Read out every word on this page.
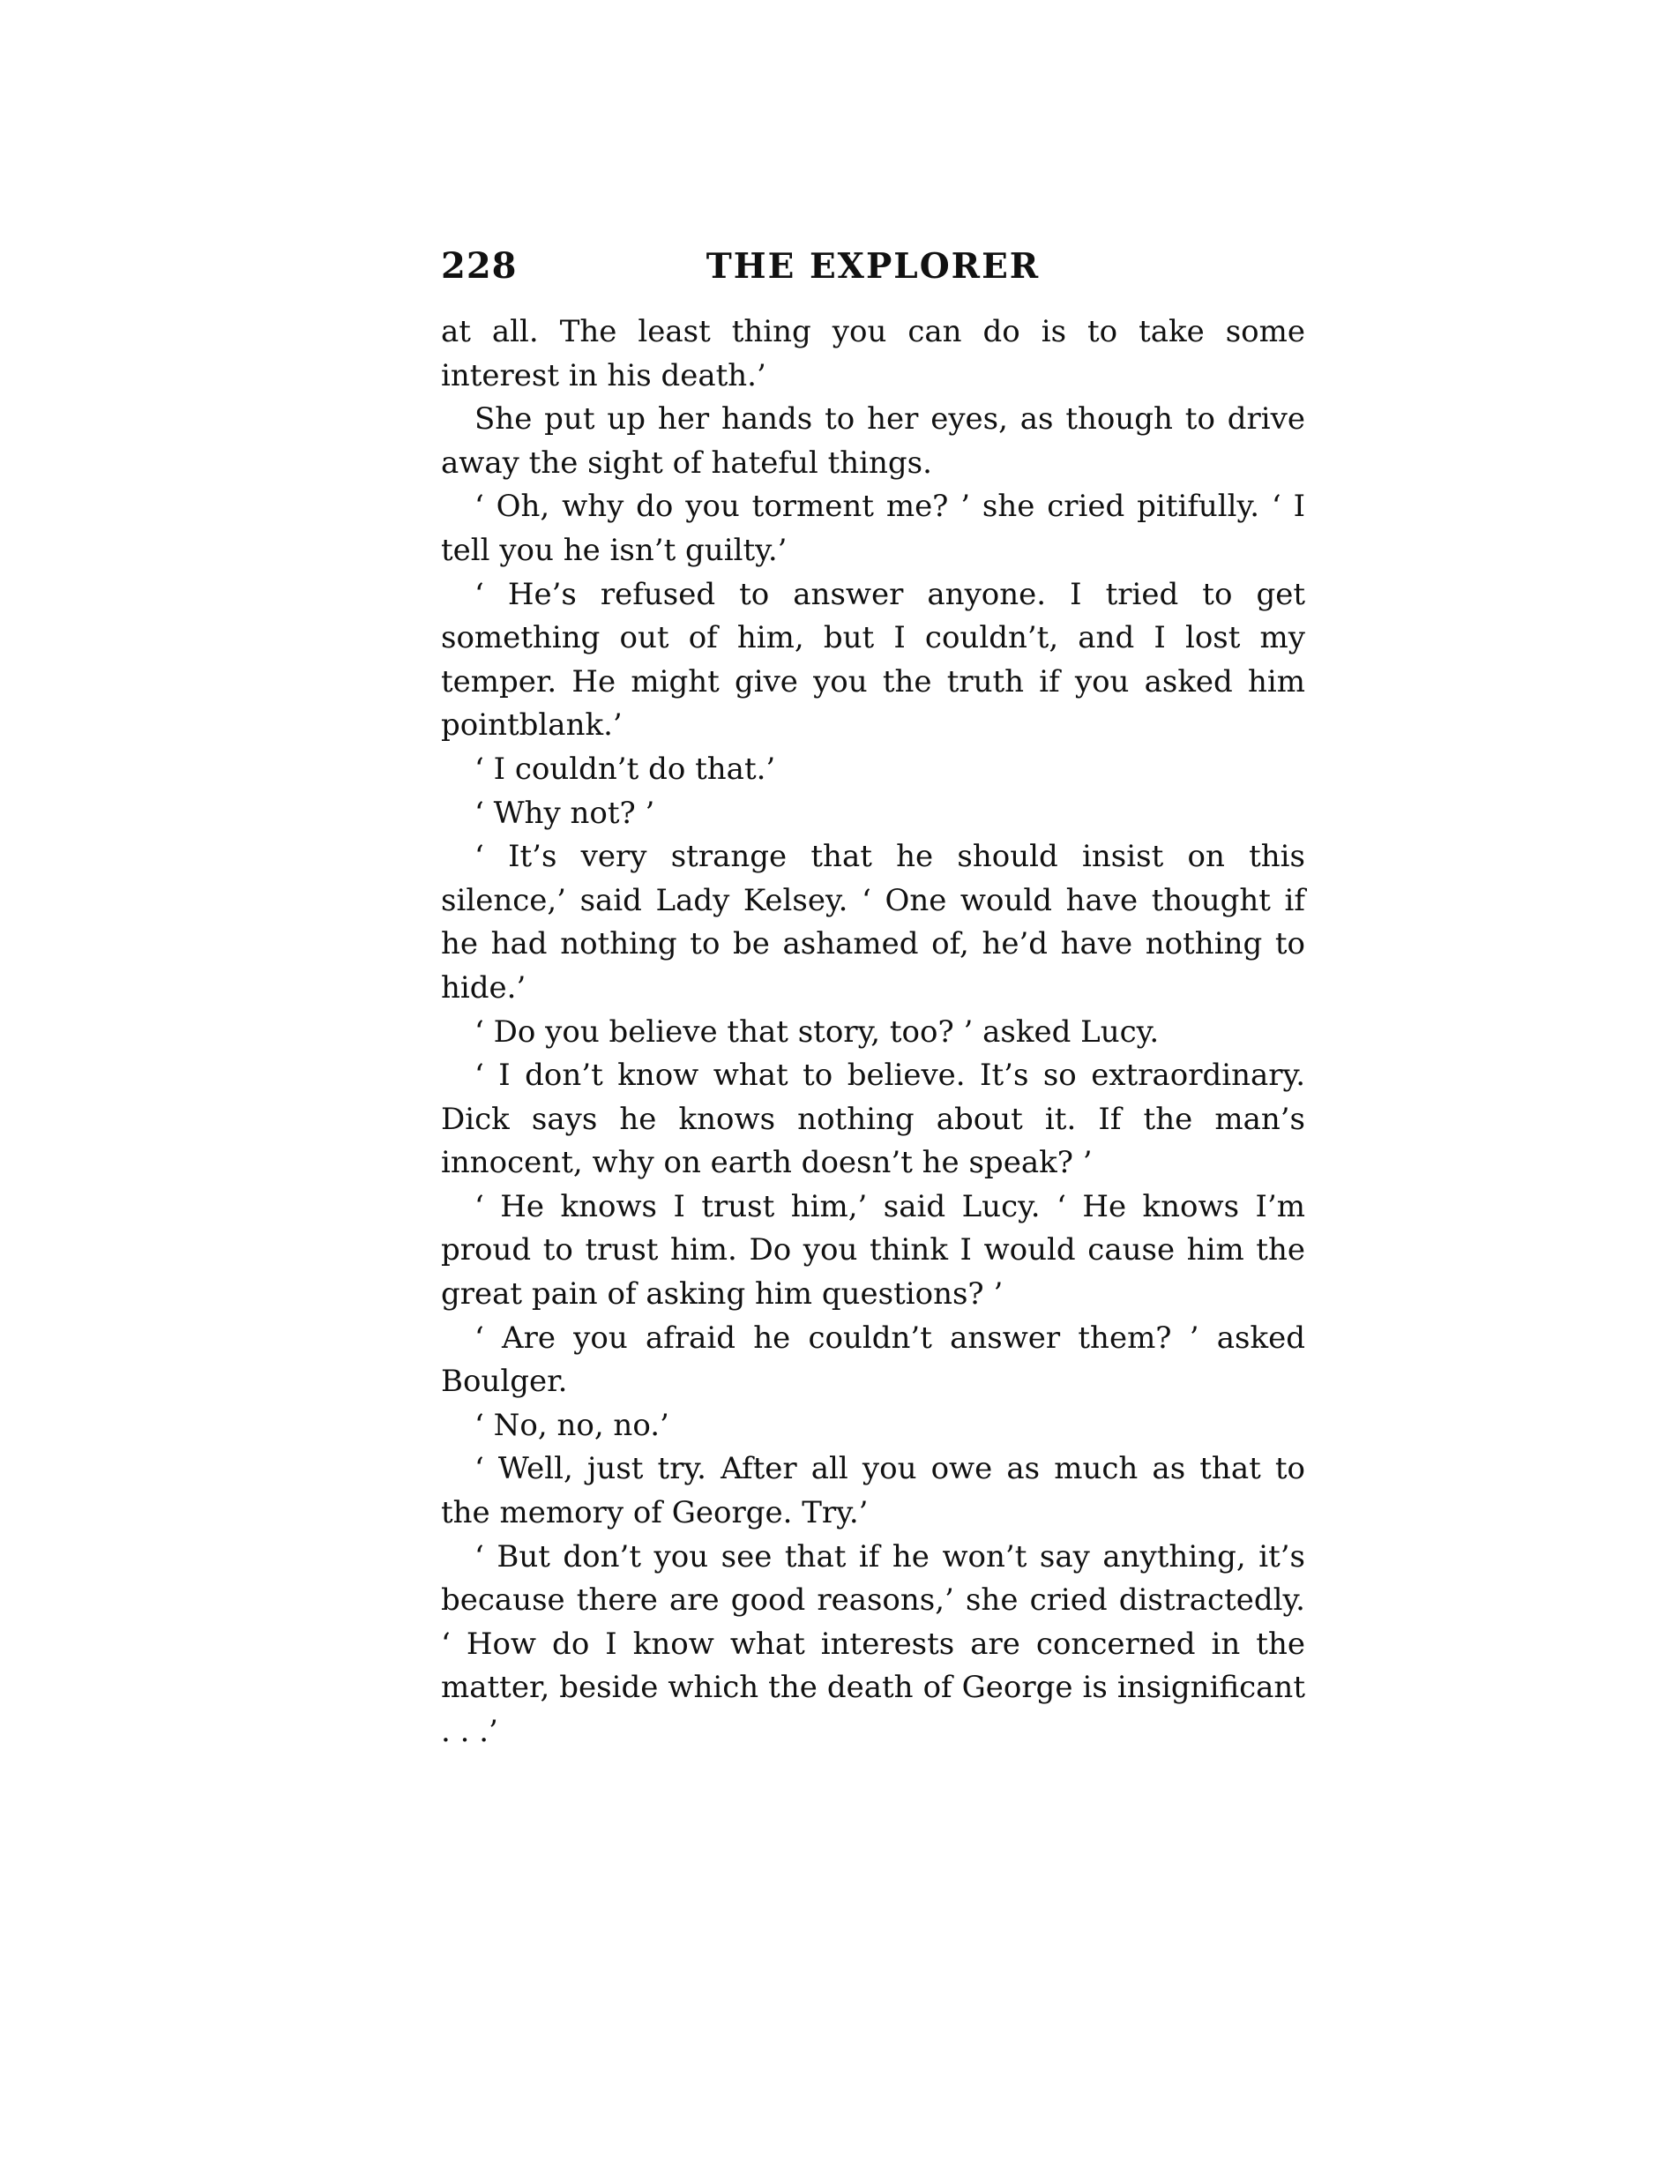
228	THE EXPLORER

at all. The least thing you can do is to take some interest in his death.’

She put up her hands to her eyes, as though to drive away the sight of hateful things.

‘ Oh, why do you torment me? ’ she cried pitifully. ‘ I tell you he isn’t guilty.’

‘ He’s refused to answer anyone. I tried to get something out of him, but I couldn’t, and I lost my temper. He might give you the truth if you asked him pointblank.’

‘ I couldn’t do that.’

‘ Why not? ’

‘ It’s very strange that he should insist on this silence,’ said Lady Kelsey. ‘ One would have thought if he had nothing to be ashamed of, he’d have nothing to hide.’

‘ Do you believe that story, too? ’ asked Lucy.

‘ I don’t know what to believe. It’s so extraordinary. Dick says he knows nothing about it. If the man’s innocent, why on earth doesn’t he speak? ’

‘ He knows I trust him,’ said Lucy. ‘ He knows I’m proud to trust him. Do you think I would cause him the great pain of asking him questions? ’

‘ Are you afraid he couldn’t answer them? ’ asked Boulger.

‘ No, no, no.’

‘ Well, just try. After all you owe as much as that to the memory of George. Try.’

‘ But don’t you see that if he won’t say anything, it’s because there are good reasons,’ she cried distractedly. ‘ How do I know what interests are concerned in the matter, beside which the death of George is insignificant . . .’
